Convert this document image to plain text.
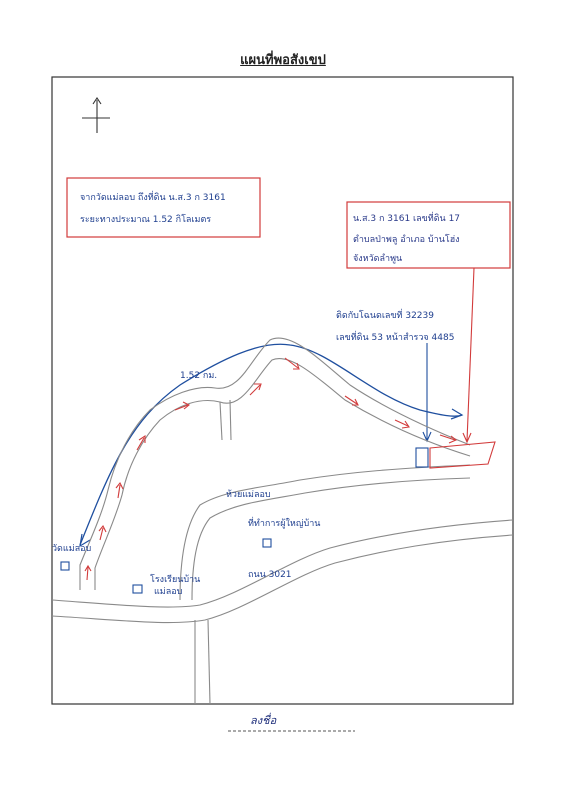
แผนที่พอสังเขป
จากวัดแม่ลอบ ถึงที่ดิน น.ส.3 ก 3161
ระยะทางประมาณ 1.52 กิโลเมตร	น.ส.3 ก 3161 เลขที่ดิน 17
ตำบลป่าพลู อำเภอ บ้านโฮ่ง
จังหวัดลำพูน
ติดกับโฉนดเลขที่ 32239
เลขที่ดิน 53 หน้าสำรวจ 4485
1.52 กม.
ห้วยแม่ลอบ
วัดแม่ลอบ
โรงเรียนบ้าน
แม่ลอบ
ที่ทำการผู้ใหญ่บ้าน
ถนน 3021
ลงชื่อ
